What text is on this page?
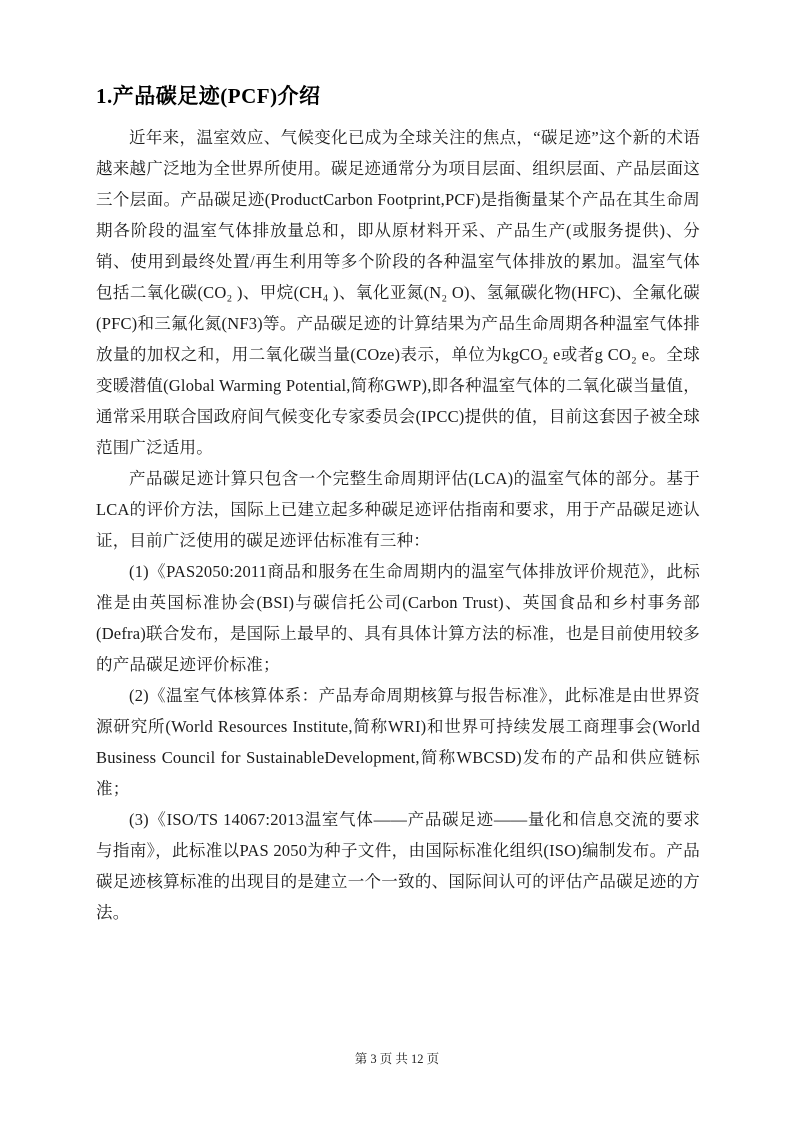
1.产品碳足迹(PCF)介绍

近年来，温室效应、气候变化已成为全球关注的焦点，“碳足迹”这个新的术语越来越广泛地为全世界所使用。碳足迹通常分为项目层面、组织层面、产品层面这三个层面。产品碳足迹(ProductCarbon Footprint,PCF)是指衡量某个产品在其生命周期各阶段的温室气体排放量总和，即从原材料开采、产品生产(或服务提供)、分销、使用到最终处置/再生利用等多个阶段的各种温室气体排放的累加。温室气体包括二氧化碳(CO₂ )、甲烷(CH₄ )、氧化亚氮(N₂ O)、氢氟碳化物(HFC)、全氟化碳(PFC)和三氟化氮(NF3)等。产品碳足迹的计算结果为产品生命周期各种温室气体排放量的加权之和，用二氧化碳当量(COze)表示，单位为kgCO₂ e或者g CO₂ e。全球变暖潜值(Global Warming Potential,简称GWP),即各种温室气体的二氧化碳当量值，通常采用联合国政府间气候变化专家委员会(IPCC)提供的值，目前这套因子被全球范围广泛适用。

产品碳足迹计算只包含一个完整生命周期评估(LCA)的温室气体的部分。基于LCA的评价方法，国际上已建立起多种碳足迹评估指南和要求，用于产品碳足迹认证，目前广泛使用的碳足迹评估标准有三种：

(1)《PAS2050:2011商品和服务在生命周期内的温室气体排放评价规范》，此标准是由英国标准协会(BSI)与碳信托公司(Carbon Trust)、英国食品和乡村事务部(Defra)联合发布，是国际上最早的、具有具体计算方法的标准，也是目前使用较多的产品碳足迹评价标准；

(2)《温室气体核算体系：产品寿命周期核算与报告标准》，此标准是由世界资源研究所(World Resources Institute,简称WRI)和世界可持续发展工商理事会(World Business Council for SustainableDevelopment,简称WBCSD)发布的产品和供应链标准；

(3)《ISO/TS 14067:2013温室气体——产品碳足迹——量化和信息交流的要求与指南》，此标准以PAS 2050为种子文件，由国际标准化组织(ISO)编制发布。产品碳足迹核算标准的出现目的是建立一个一致的、国际间认可的评估产品碳足迹的方法。

第 3 页 共 12 页
